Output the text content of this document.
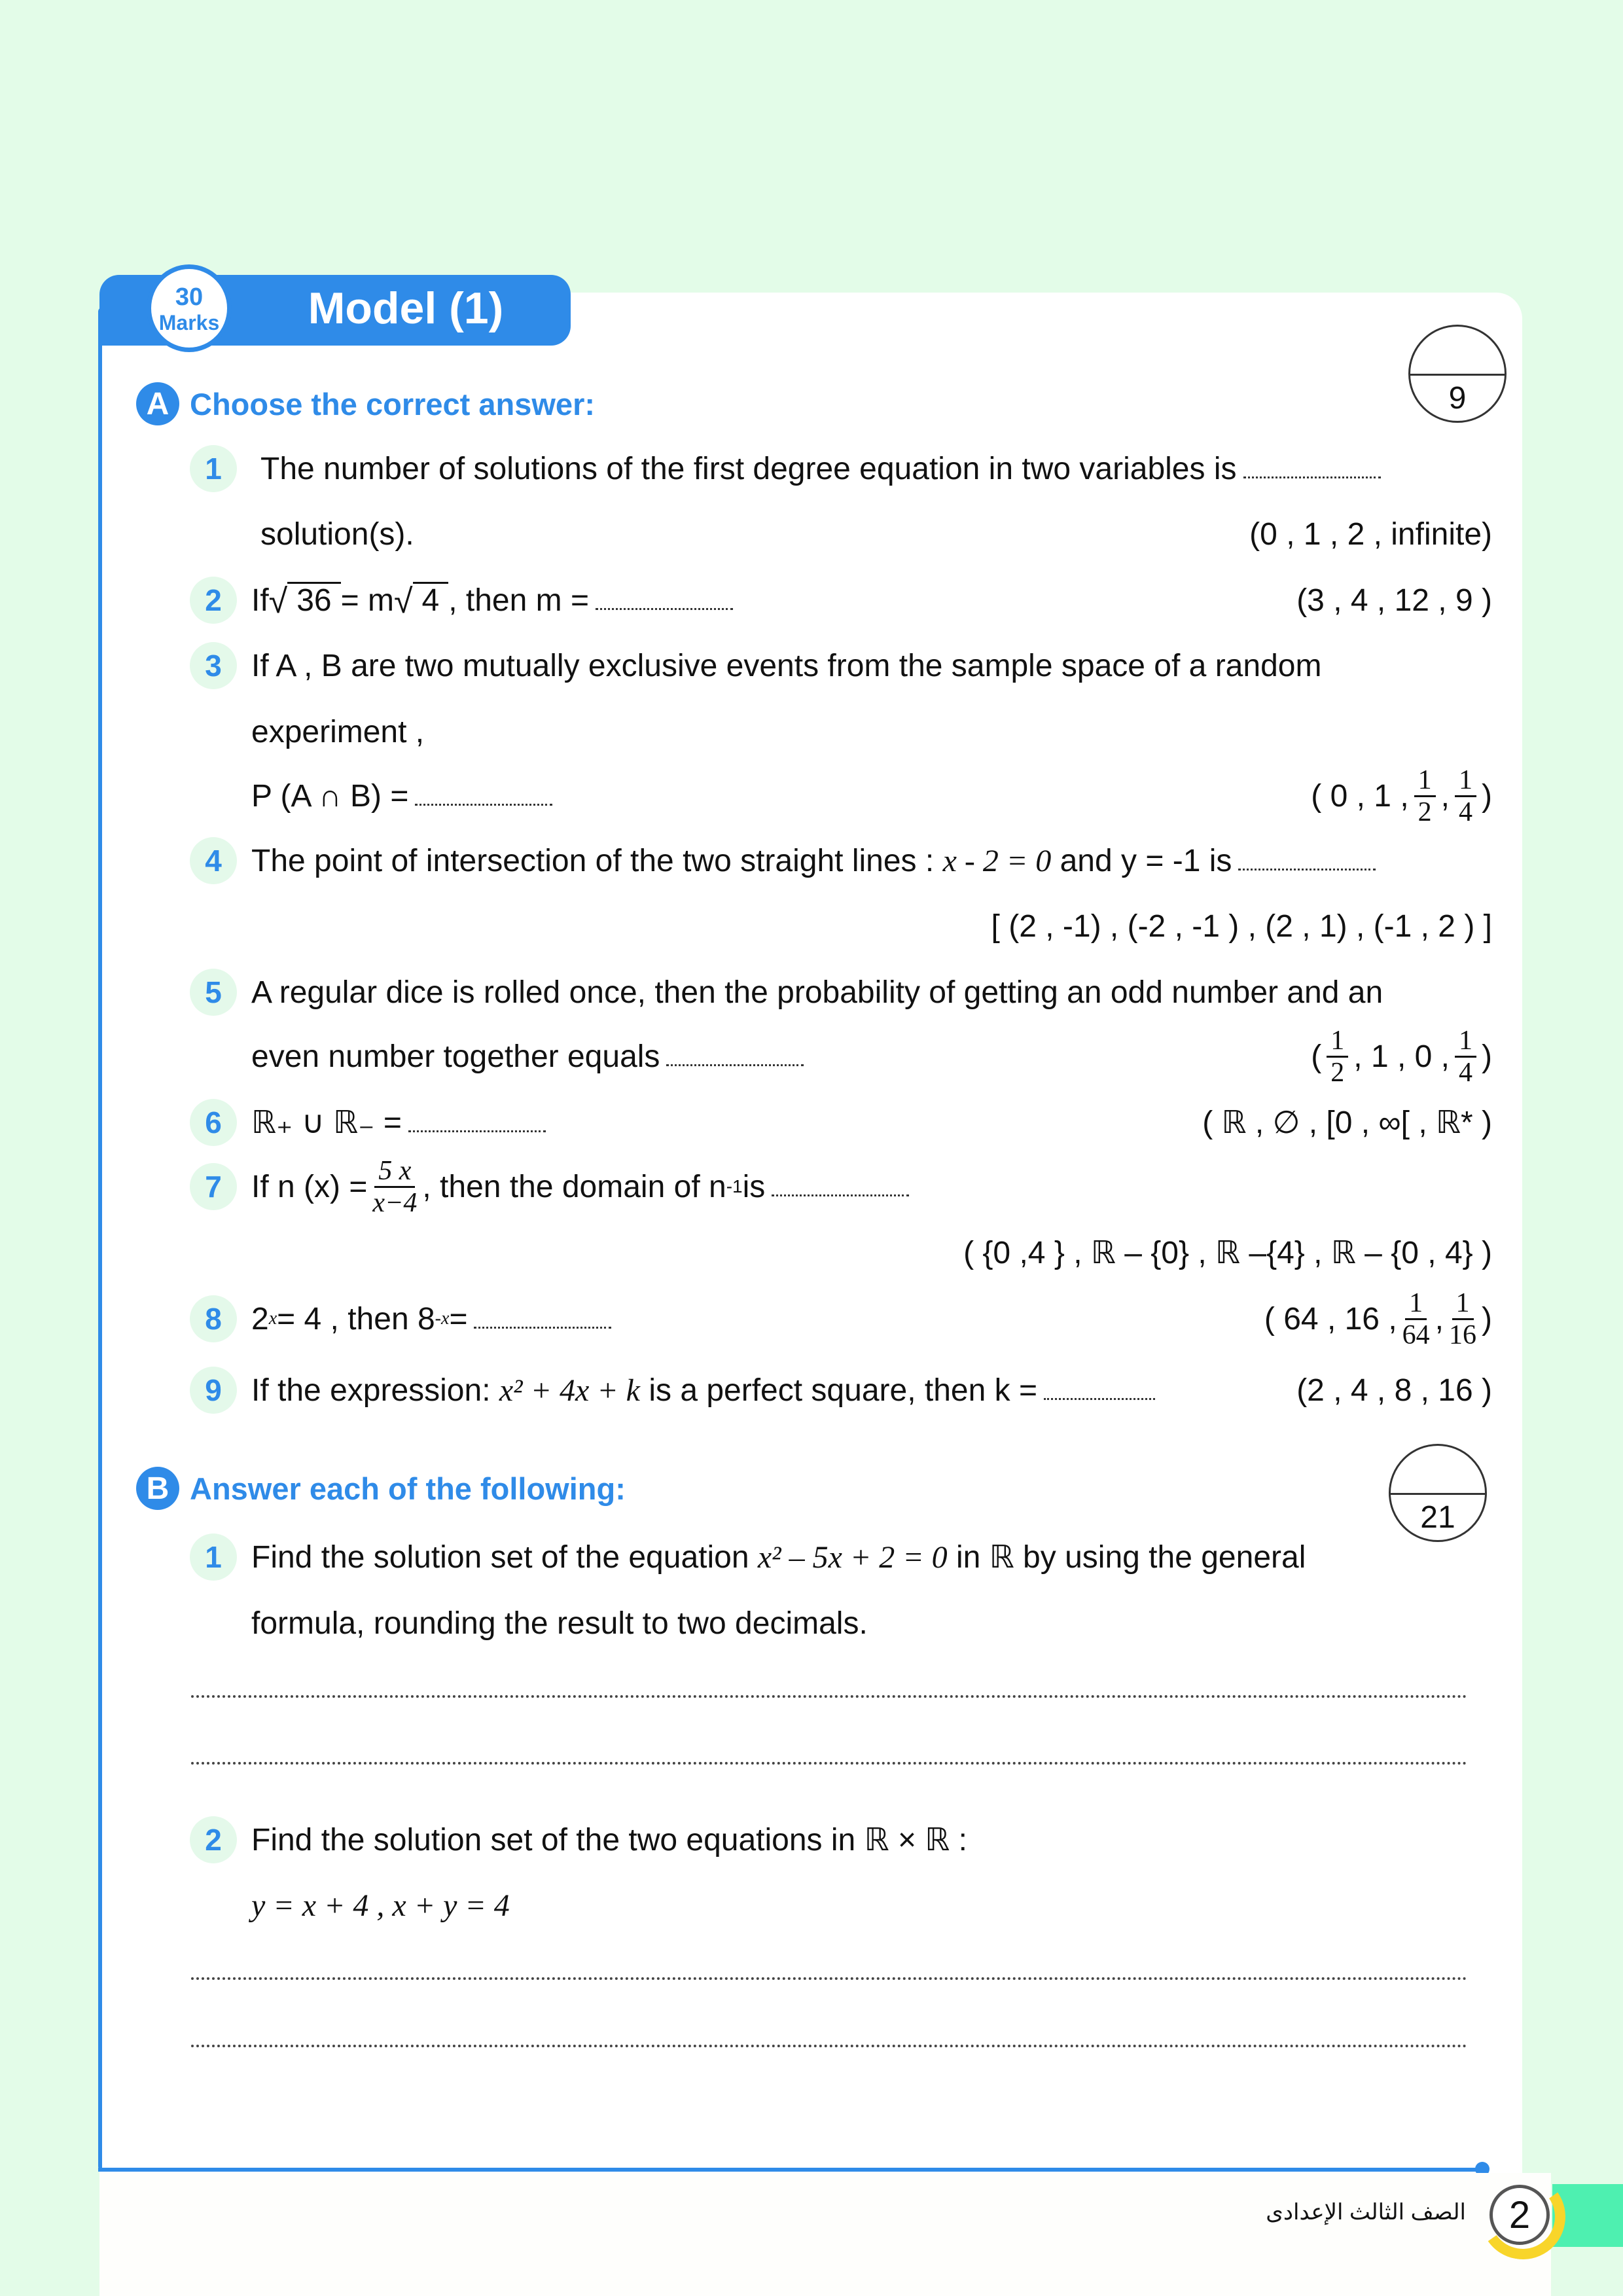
30
Marks	Model (1)
A Choose the correct answer:	9
1	The number of solutions of the first degree equation in two variables is
solution(s).	(0 , 1 , 2 , infinite)
2 If √ 36 = m √ 4 , then m =	(3 , 4 , 12 , 9 )
3 If A , B are two mutually exclusive events from the sample space of a random
experiment ,
P (A ∩ B) =	( 0 , 1 , $\frac{1}{2}$ , $\frac{1}{4}$ )
4 The point of intersection of the two straight lines :
x - 2 = 0
and y = -1 is
[ (2 , -1) , (-2 , -1 ) , (2 , 1) , (-1 , 2 ) ]
5 A regular dice is rolled once, then the probability of getting an odd number and an
even number together equals	( $\frac{1}{2}$ , 1 , 0 , $\frac{1}{4}$ )
6 ℝ₊ ∪ ℝ₋ =	( ℝ , ∅ , [0 , ∞[ , ℝ* )
7 If n $(x) = \frac{5 x}{x-4}$ , then the domain of n -1 is
( {0 ,4 } , ℝ – {0} , ℝ –{4} , ℝ – {0 , 4} )
8 2 x = 4 , then 8 -x =	( 64 , 16 , $\frac{1}{64}$ , $\frac{1}{16}$ )
9 If the expression:
x² + 4x + k
is a perfect square, then k =	(2 , 4 , 8 , 16 )
B Answer each of the following:
21
1 Find the solution set of the equation
x² – 5x + 2 = 0
in ℝ by using the general
formula, rounding the result to two decimals.
2 Find the solution set of the two equations in ℝ × ℝ :
y = x + 4 , x + y = 4
2
الصف الثالث الإعدادى
